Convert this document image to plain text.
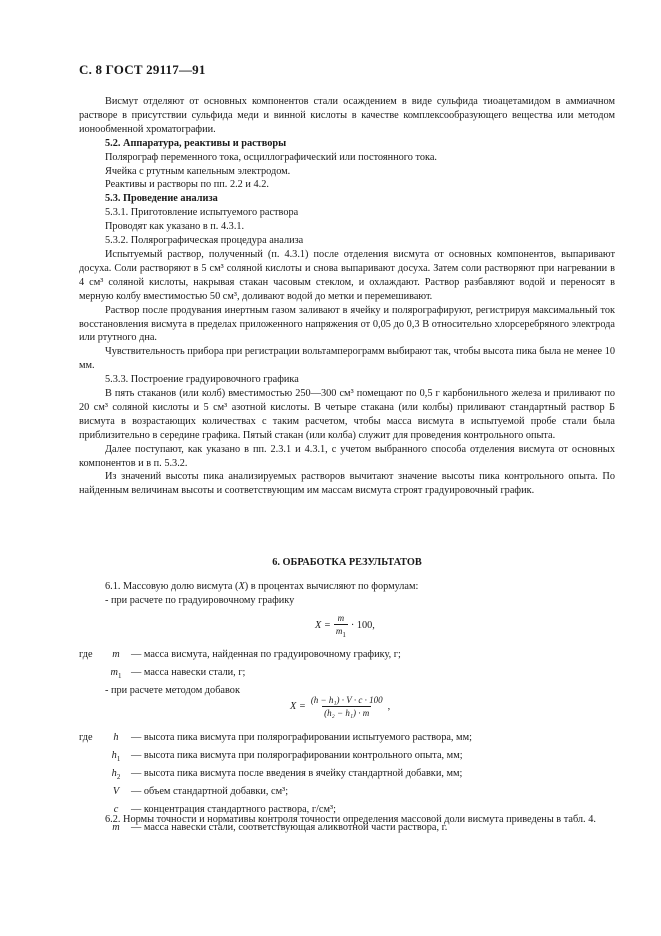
С. 8 ГОСТ 29117—91

Висмут отделяют от основных компонентов стали осаждением в виде сульфида тиоацетамидом в аммиачном растворе в присутствии сульфида меди и винной кислоты в качестве комплексообразующего вещества или методом ионообменной хроматографии.

5.2. Аппаратура, реактивы и растворы

Полярограф переменного тока, осциллографический или постоянного тока.

Ячейка с ртутным капельным электродом.

Реактивы и растворы по пп. 2.2 и 4.2.

5.3. Проведение анализа

5.3.1. Приготовление испытуемого раствора

Проводят как указано в п. 4.3.1.

5.3.2. Полярографическая процедура анализа

Испытуемый раствор, полученный (п. 4.3.1) после отделения висмута от основных компонентов, выпаривают досуха. Соли растворяют в 5 см³ соляной кислоты и снова выпаривают досуха. Затем соли растворяют при нагревании в 4 см³ соляной кислоты, накрывая стакан часовым стеклом, и охлаждают. Раствор разбавляют водой и переносят в мерную колбу вместимостью 50 см³, доливают водой до метки и перемешивают.

Раствор после продувания инертным газом заливают в ячейку и полярографируют, регистрируя максимальный ток восстановления висмута в пределах приложенного напряжения от 0,05 до 0,3 В относительно хлорсеребряного электрода или ртутного дна.

Чувствительность прибора при регистрации вольтамперограмм выбирают так, чтобы высота пика была не менее 10 мм.

5.3.3. Построение градуировочного графика

В пять стаканов (или колб) вместимостью 250—300 см³ помещают по 0,5 г карбонильного железа и приливают по 20 см³ соляной кислоты и 5 см³ азотной кислоты. В четыре стакана (или колбы) приливают стандартный раствор Б висмута в возрастающих количествах с таким расчетом, чтобы масса висмута в испытуемой пробе стали была приблизительно в середине графика. Пятый стакан (или колба) служит для проведения контрольного опыта.

Далее поступают, как указано в пп. 2.3.1 и 4.3.1, с учетом выбранного способа отделения висмута от основных компонентов и в п. 5.3.2.

Из значений высоты пика анализируемых растворов вычитают значение высоты пика контрольного опыта. По найденным величинам высоты и соответствующим им массам висмута строят градуировочный график.

6. ОБРАБОТКА РЕЗУЛЬТАТОВ
6.1. Массовую долю висмута (X) в процентах вычисляют по формулам:
- при расчете по градуировочному графику
$X = \frac{m}{m_1} \cdot 100$,
где	m	— масса висмута, найденная по градуировочному графику, г;
$m_1$ — масса навески стали, г;
- при расчете методом добавок
$X = \frac{\text{(h − h₁) · V · c · 100}}{\text{(h₂ − h₁) · m}}$ ,
где	h	— высота пика висмута при полярографировании испытуемого раствора, мм;
$h_1$	— высота пика висмута при полярографировании контрольного опыта, мм;
$h_2$	— высота пика висмута после введения в ячейку стандартной добавки, мм;
V	— объем стандартной добавки, см³;
c	— концентрация стандартного раствора, г/см³;
m	— масса навески стали, соответствующая аликвотной части раствора, г.

6.2. Нормы точности и нормативы контроля точности определения массовой доли висмута приведены в табл. 4.
